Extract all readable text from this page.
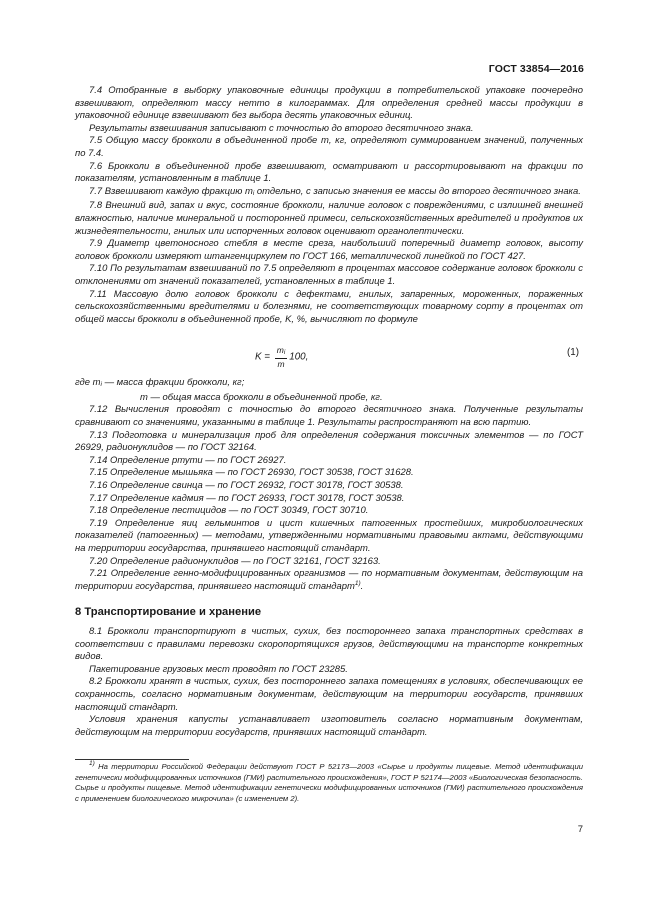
ГОСТ 33854—2016

7.4 Отобранные в выборку упаковочные единицы продукции в потребительской упаковке поочередно взвешивают, определяют массу нетто в килограммах. Для определения средней массы продукции в упаковочной единице взвешивают без выбора десять упаковочных единиц.

Результаты взвешивания записывают с точностью до второго десятичного знака.

7.5 Общую массу брокколи в объединенной пробе m, кг, определяют суммированием значений, полученных по 7.4.

7.6 Брокколи в объединенной пробе взвешивают, осматривают и рассортировывают на фракции по показателям, установленным в таблице 1.

7.7 Взвешивают каждую фракцию $m_i$ отдельно, с записью значения ее массы до второго десятичного знака.

7.8 Внешний вид, запах и вкус, состояние брокколи, наличие головок с повреждениями, с излишней внешней влажностью, наличие минеральной и посторонней примеси, сельскохозяйственных вредителей и продуктов их жизнедеятельности, гнилых или испорченных головок оценивают органолептически.

7.9 Диаметр цветоносного стебля в месте среза, наибольший поперечный диаметр головок, высоту головок брокколи измеряют штангенциркулем по ГОСТ 166, металлической линейкой по ГОСТ 427.

7.10 По результатам взвешиваний по 7.5 определяют в процентах массовое содержание головок брокколи с отклонениями от значений показателей, установленных в таблице 1.

7.11 Массовую долю головок брокколи с дефектами, гнилых, запаренных, мороженных, пораженных сельскохозяйственными вредителями и болезнями, не соответствующих товарному сорту в процентах от общей массы брокколи в объединенной пробе, K, %, вычисляют по формуле

$K = \frac{m_i}{m} 100$,	(1)

где $m_i$ — масса фракции брокколи, кг;

m — общая масса брокколи в объединенной пробе, кг.

7.12 Вычисления проводят с точностью до второго десятичного знака. Полученные результаты сравнивают со значениями, указанными в таблице 1. Результаты распространяют на всю партию.

7.13 Подготовка и минерализация проб для определения содержания токсичных элементов — по ГОСТ 26929, радионуклидов — по ГОСТ 32164.

7.14 Определение ртути — по ГОСТ 26927.

7.15 Определение мышьяка — по ГОСТ 26930, ГОСТ 30538, ГОСТ 31628.

7.16 Определение свинца — по ГОСТ 26932, ГОСТ 30178, ГОСТ 30538.

7.17 Определение кадмия — по ГОСТ 26933, ГОСТ 30178, ГОСТ 30538.

7.18 Определение пестицидов — по ГОСТ 30349, ГОСТ 30710.

7.19 Определение яиц гельминтов и цист кишечных патогенных простейших, микробиологических показателей (патогенных) — методами, утвержденными нормативными правовыми актами, действующими на территории государства, принявшего настоящий стандарт.

7.20 Определение радионуклидов — по ГОСТ 32161, ГОСТ 32163.

7.21 Определение генно-модифицированных организмов — по нормативным документам, действующим на территории государства, принявшего настоящий стандарт$^{1)}$.

8 Транспортирование и хранение

8.1 Брокколи транспортируют в чистых, сухих, без постороннего запаха транспортных средствах в соответствии с правилами перевозки скоропортящихся грузов, действующими на транспорте конкретных видов.

Пакетирование грузовых мест проводят по ГОСТ 23285.

8.2 Брокколи хранят в чистых, сухих, без постороннего запаха помещениях в условиях, обеспечивающих ее сохранность, согласно нормативным документам, действующим на территории государств, принявших настоящий стандарт.

Условия хранения капусты устанавливает изготовитель согласно нормативным документам, действующим на территории государств, принявших настоящий стандарт.

$^{1)}$ На территории Российской Федерации действуют ГОСТ Р 52173—2003 «Сырье и продукты пищевые. Метод идентификации генетически модифицированных источников (ГМИ) растительного происхождения», ГОСТ Р 52174—2003 «Биологическая безопасность. Сырье и продукты пищевые. Метод идентификации генетически модифицированных источников (ГМИ) растительного происхождения с применением биологического микрочипа» (с изменением 2).
7
